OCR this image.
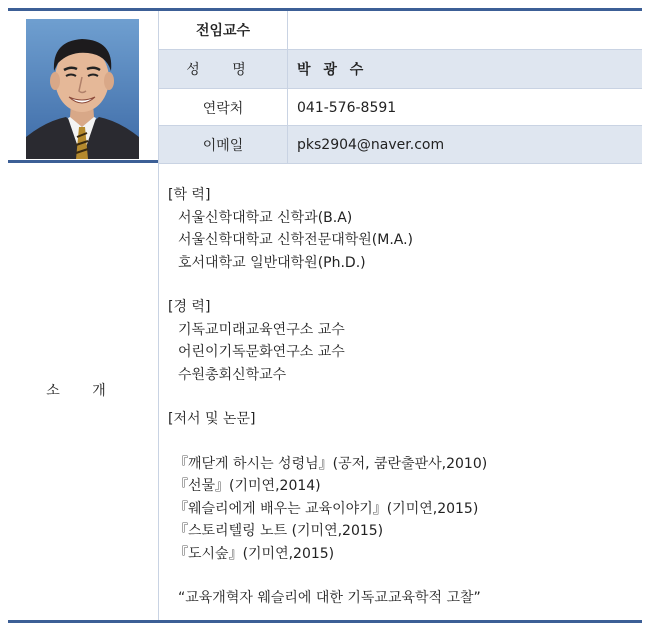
전임교수
성 명	박 광 수
연락처	041-576-8591
이메일	pks2904@naver.com
소 개

[학 력]

서울신학대학교 신학과(B.A)

서울신학대학교 신학전문대학원(M.A.)

호서대학교 일반대학원(Ph.D.)

[경 력]

기독교미래교육연구소 교수

어린이기독문화연구소 교수

수원총회신학교수

[저서 및 논문]

『깨닫게 하시는 성령님』(공저, 쿰란출판사,2010)

『선물』(기미연,2014)

『웨슬리에게 배우는 교육이야기』(기미연,2015)

『스토리텔링 노트 (기미연,2015)

『도시숲』(기미연,2015)

“교육개혁자 웨슬리에 대한 기독교교육학적 고찰”
